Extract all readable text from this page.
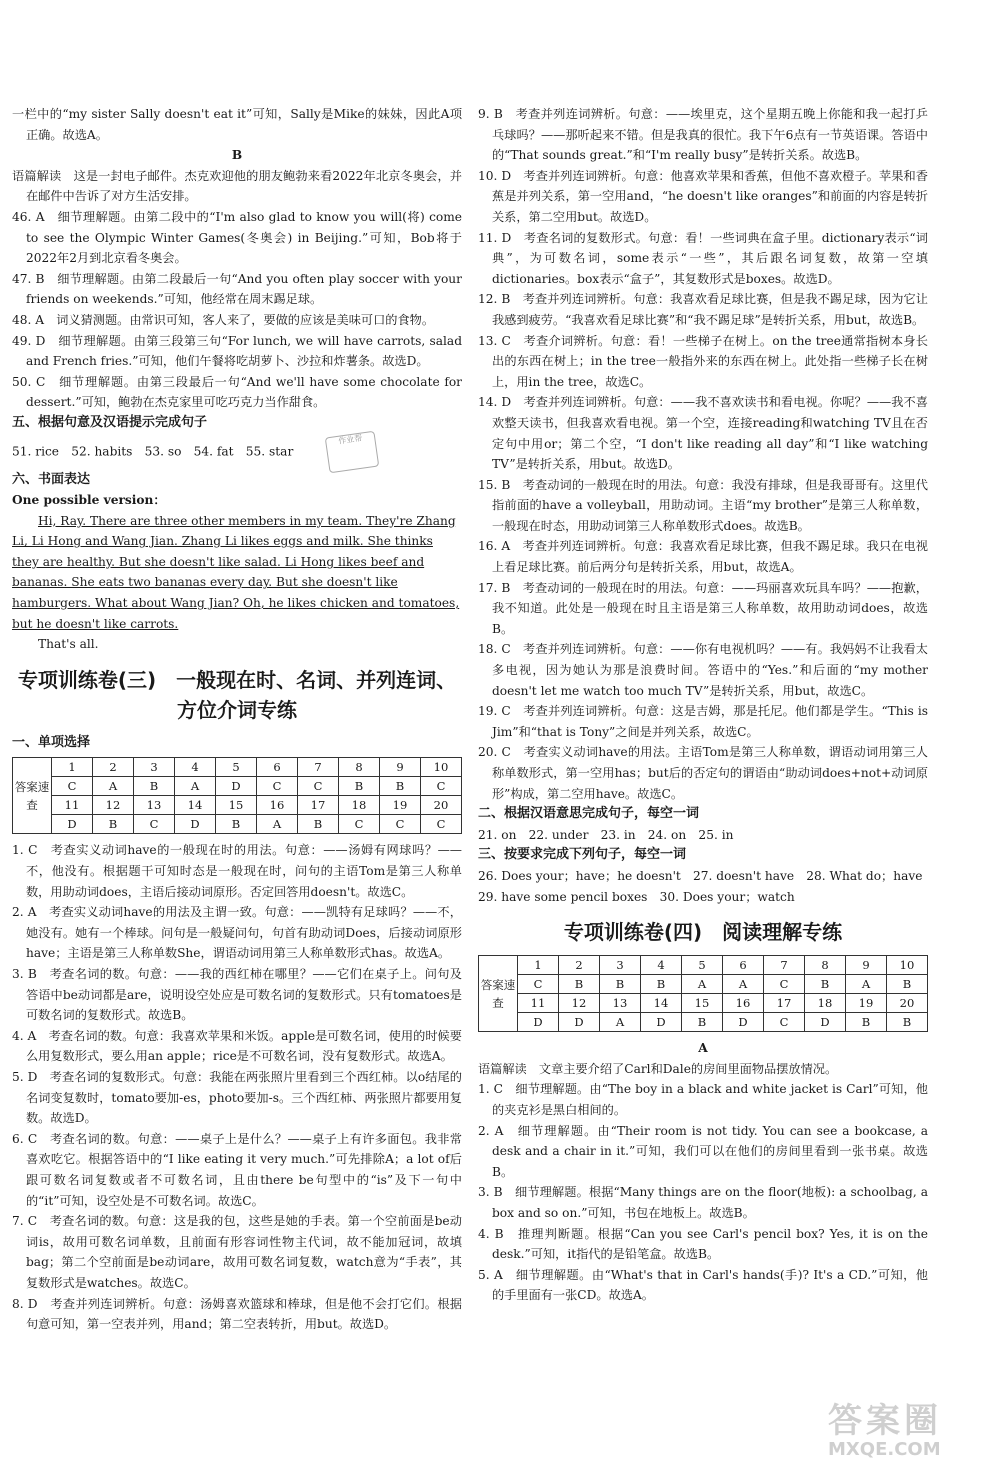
一栏中的“my sister Sally doesn't eat it”可知，Sally是Mike的妹妹，因此A项正确。故选A。

B

语篇解读　这是一封电子邮件。杰克欢迎他的朋友鲍勃来看2022年北京冬奥会，并在邮件中告诉了对方生活安排。

46. A　细节理解题。由第二段中的“I'm also glad to know you will(将) come to see the Olympic Winter Games(冬奥会) in Beijing.”可知，Bob将于2022年2月到北京看冬奥会。

47. B　细节理解题。由第二段最后一句“And you often play soccer with your friends on weekends.”可知，他经常在周末踢足球。

48. A　词义猜测题。由常识可知，客人来了，要做的应该是美味可口的食物。

49. D　细节理解题。由第三段第三句“For lunch, we will have carrots, salad and French fries.”可知，他们午餐将吃胡萝卜、沙拉和炸薯条。故选D。

50. C　细节理解题。由第三段最后一句“And we'll have some chocolate for dessert.”可知，鲍勃在杰克家里可吃巧克力当作甜食。

五、根据句意及汉语提示完成句子

51. rice　52. habits　53. so　54. fat　55. star 作业帮

六、书面表达

One possible version：

Hi, Ray. There are three other members in my team. They're Zhang Li, Li Hong and Wang Jian. Zhang Li likes eggs and milk. She thinks they are healthy. But she doesn't like salad. Li Hong likes beef and bananas. She eats two bananas every day. But she doesn't like hamburgers. What about Wang Jian? Oh, he likes chicken and tomatoes, but he doesn't like carrots.

That's all.

专项训练卷(三)　一般现在时、名词、并列连词、方位介词专练

一、单项选择

答案速查	1	2	3	4	5	6	7	8	9	10
	C	A	B	A	D	C	C	B	B	C
	11	12	13	14	15	16	17	18	19	20
	D	B	C	D	B	A	B	C	C	C

1. C　考查实义动词have的一般现在时的用法。句意：——汤姆有网球吗？——不，他没有。根据题干可知时态是一般现在时，问句的主语Tom是第三人称单数，用助动词does，主语后接动词原形。否定回答用doesn't。故选C。

2. A　考查实义动词have的用法及主谓一致。句意：——凯特有足球吗？——不，她没有。她有一个棒球。问句是一般疑问句，句首有助动词Does，后接动词原形have；主语是第三人称单数She，谓语动词用第三人称单数形式has。故选A。

3. B　考查名词的数。句意：——我的西红柿在哪里？——它们在桌子上。问句及答语中be动词都是are，说明设空处应是可数名词的复数形式。只有tomatoes是可数名词的复数形式。故选B。

4. A　考查名词的数。句意：我喜欢苹果和米饭。apple是可数名词，使用的时候要么用复数形式，要么用an apple；rice是不可数名词，没有复数形式。故选A。

5. D　考查名词的复数形式。句意：我能在两张照片里看到三个西红柿。以o结尾的名词变复数时，tomato要加-es，photo要加-s。三个西红柿、两张照片都要用复数。故选D。

6. C　考查名词的数。句意：——桌子上是什么？——桌子上有许多面包。我非常喜欢吃它。根据答语中的“I like eating it very much.”可先排除A；a lot of后跟可数名词复数或者不可数名词，且由there be句型中的“is”及下一句中的“it”可知，设空处是不可数名词。故选C。

7. C　考查名词的数。句意：这是我的包，这些是她的手表。第一个空前面是be动词is，故用可数名词单数，且前面有形容词性物主代词，故不能加冠词，故填bag；第二个空前面是be动词are，故用可数名词复数，watch意为“手表”，其复数形式是watches。故选C。

8. D　考查并列连词辨析。句意：汤姆喜欢篮球和棒球，但是他不会打它们。根据句意可知，第一空表并列，用and；第二空表转折，用but。故选D。

9. B　考查并列连词辨析。句意：——埃里克，这个星期五晚上你能和我一起打乒乓球吗？——那听起来不错。但是我真的很忙。我下午6点有一节英语课。答语中的“That sounds great.”和“I'm really busy”是转折关系。故选B。

10. D　考查并列连词辨析。句意：他喜欢苹果和香蕉，但他不喜欢橙子。苹果和香蕉是并列关系，第一空用and，“he doesn't like oranges”和前面的内容是转折关系，第二空用but。故选D。

11. D　考查名词的复数形式。句意：看！一些词典在盒子里。dictionary表示“词典”，为可数名词，some表示“一些”，其后跟名词复数，故第一空填dictionaries。box表示“盒子”，其复数形式是boxes。故选D。

12. B　考查并列连词辨析。句意：我喜欢看足球比赛，但是我不踢足球，因为它让我感到疲劳。“我喜欢看足球比赛”和“我不踢足球”是转折关系，用but，故选B。

13. C　考查介词辨析。句意：看！一些梯子在树上。on the tree通常指树本身长出的东西在树上；in the tree一般指外来的东西在树上。此处指一些梯子长在树上，用in the tree，故选C。

14. D　考查并列连词辨析。句意：——我不喜欢读书和看电视。你呢？——我不喜欢整天读书，但我喜欢看电视。第一个空，连接reading和watching TV且在否定句中用or；第二个空，“I don't like reading all day”和“I like watching TV”是转折关系，用but。故选D。

15. B　考查动词的一般现在时的用法。句意：我没有排球，但是我哥哥有。这里代指前面的have a volleyball，用助动词。主语“my brother”是第三人称单数，一般现在时态，用助动词第三人称单数形式does。故选B。

16. A　考查并列连词辨析。句意：我喜欢看足球比赛，但我不踢足球。我只在电视上看足球比赛。前后两分句是转折关系，用but，故选A。

17. B　考查动词的一般现在时的用法。句意：——玛丽喜欢玩具车吗？——抱歉，我不知道。此处是一般现在时且主语是第三人称单数，故用助动词does，故选B。

18. C　考查并列连词辨析。句意：——你有电视机吗？——有。我妈妈不让我看太多电视，因为她认为那是浪费时间。答语中的“Yes.”和后面的“my mother doesn't let me watch too much TV”是转折关系，用but，故选C。

19. C　考查并列连词辨析。句意：这是吉姆，那是托尼。他们都是学生。“This is Jim”和“that is Tony”之间是并列关系，故选C。

20. C　考查实义动词have的用法。主语Tom是第三人称单数，谓语动词用第三人称单数形式，第一空用has；but后的否定句的谓语由“助动词does+not+动词原形”构成，第二空用have。故选C。

二、根据汉语意思完成句子，每空一词

21. on　22. under　23. in　24. on　25. in

三、按要求完成下列句子，每空一词

26. Does your；have；he doesn't　27. doesn't have　28. What do；have

29. have some pencil boxes　30. Does your；watch

专项训练卷(四)　阅读理解专练
答案速查	1	2	3	4	5	6	7	8	9	10
	C	B	B	B	A	A	C	B	A	B
	11	12	13	14	15	16	17	18	19	20
	D	D	A	D	B	D	C	D	B	B

A

语篇解读　文章主要介绍了Carl和Dale的房间里面物品摆放情况。

1. C　细节理解题。由“The boy in a black and white jacket is Carl”可知，他的夹克衫是黑白相间的。

2. A　细节理解题。由“Their room is not tidy. You can see a bookcase, a desk and a chair in it.”可知，我们可以在他们的房间里看到一张书桌。故选B。

3. B　细节理解题。根据“Many things are on the floor(地板): a schoolbag, a box and so on.”可知，书包在地板上。故选B。

4. B　推理判断题。根据“Can you see Carl's pencil box? Yes, it is on the desk.”可知，it指代的是铅笔盒。故选B。

5. A　细节理解题。由“What's that in Carl's hands(手)? It's a CD.”可知，他的手里面有一张CD。故选A。

答案圈
MXQE.COM
